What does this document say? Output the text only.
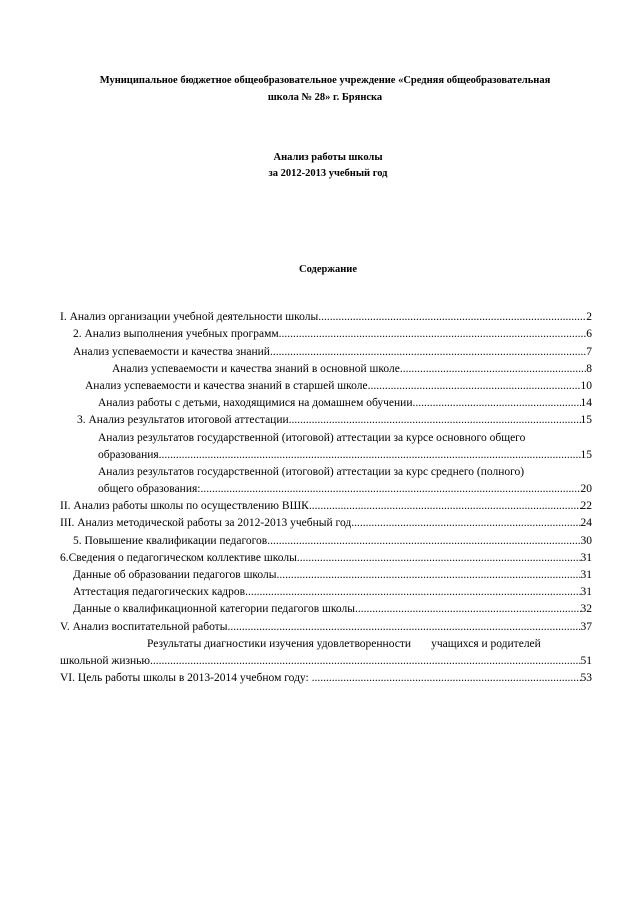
Муниципальное бюджетное общеобразовательное учреждение «Средняя общеобразовательная
школа № 28» г. Брянска
Анализ работы школы
за 2012-2013 учебный год
Содержание
I. Анализ организации учебной деятельности школы .....	2
2. Анализ выполнения учебных программ .....	6
Анализ успеваемости и качества знаний .....	7
Анализ успеваемости и качества знаний в основной школе .....	8
Анализ успеваемости и качества знаний в старшей школе .....	10
Анализ работы с детьми, находящимися на домашнем обучении .....	14
3. Анализ результатов итоговой аттестации .....	15
Анализ результатов государственной (итоговой) аттестации за курсе основного общего
образования .....	15
Анализ результатов государственной (итоговой) аттестации за курс среднего (полного)
общего образования: .....	20
II. Анализ работы школы по осуществлению ВШК .....	22
III. Анализ методической работы за 2012-2013 учебный год .....	24
5. Повышение квалификации педагогов .....	30
6.Сведения о педагогическом коллективе школы .....	31
Данные об образовании педагогов школы .....	31
Аттестация педагогических кадров .....	31
Данные о квалификационной категории педагогов школы .....	32
V. Анализ воспитательной работы .....	37
Результаты диагностики изучения удовлетворенности       учащихся и родителей
школьной жизнью .....	51
VI. Цель работы школы в 2013-2014 учебном году: .....	53
